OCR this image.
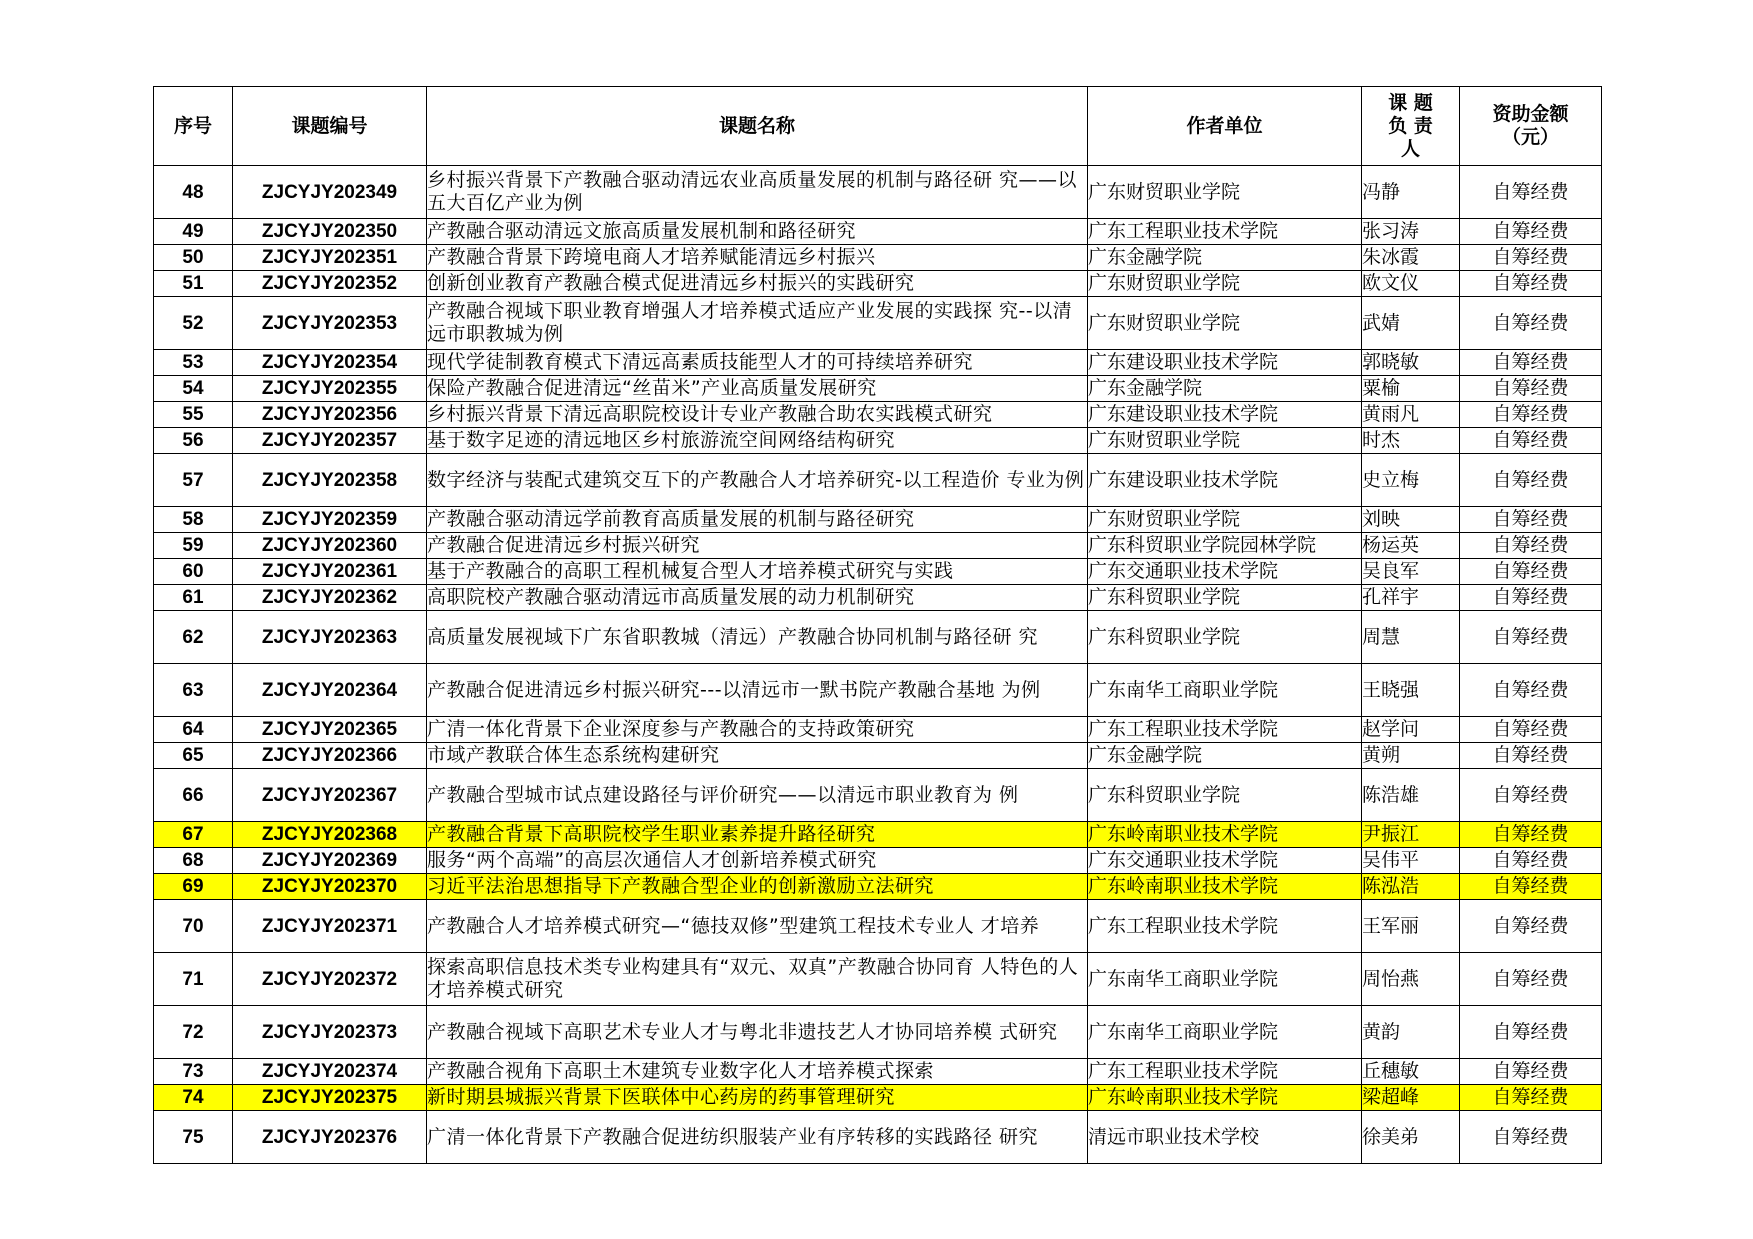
序号	课题编号	课题名称	作者单位	课 题 负 责 人	资助金额（元）
48	ZJCYJY202349	乡村振兴背景下产教融合驱动清远农业高质量发展的机制与路径研 究——以五大百亿产业为例	广东财贸职业学院	冯静	自筹经费
49	ZJCYJY202350	产教融合驱动清远文旅高质量发展机制和路径研究	广东工程职业技术学院	张习涛	自筹经费
50	ZJCYJY202351	产教融合背景下跨境电商人才培养赋能清远乡村振兴	广东金融学院	朱冰霞	自筹经费
51	ZJCYJY202352	创新创业教育产教融合模式促进清远乡村振兴的实践研究	广东财贸职业学院	欧文仪	自筹经费
52	ZJCYJY202353	产教融合视域下职业教育增强人才培养模式适应产业发展的实践探 究--以清远市职教城为例	广东财贸职业学院	武婧	自筹经费
53	ZJCYJY202354	现代学徒制教育模式下清远高素质技能型人才的可持续培养研究	广东建设职业技术学院	郭晓敏	自筹经费
54	ZJCYJY202355	保险产教融合促进清远“丝苗米”产业高质量发展研究	广东金融学院	粟榆	自筹经费
55	ZJCYJY202356	乡村振兴背景下清远高职院校设计专业产教融合助农实践模式研究	广东建设职业技术学院	黄雨凡	自筹经费
56	ZJCYJY202357	基于数字足迹的清远地区乡村旅游流空间网络结构研究	广东财贸职业学院	时杰	自筹经费
57	ZJCYJY202358	数字经济与装配式建筑交互下的产教融合人才培养研究-以工程造价 专业为例	广东建设职业技术学院	史立梅	自筹经费
58	ZJCYJY202359	产教融合驱动清远学前教育高质量发展的机制与路径研究	广东财贸职业学院	刘映	自筹经费
59	ZJCYJY202360	产教融合促进清远乡村振兴研究	广东科贸职业学院园林学院	杨运英	自筹经费
60	ZJCYJY202361	基于产教融合的高职工程机械复合型人才培养模式研究与实践	广东交通职业技术学院	吴良军	自筹经费
61	ZJCYJY202362	高职院校产教融合驱动清远市高质量发展的动力机制研究	广东科贸职业学院	孔祥宇	自筹经费
62	ZJCYJY202363	高质量发展视域下广东省职教城（清远）产教融合协同机制与路径研 究	广东科贸职业学院	周慧	自筹经费
63	ZJCYJY202364	产教融合促进清远乡村振兴研究---以清远市一默书院产教融合基地 为例	广东南华工商职业学院	王晓强	自筹经费
64	ZJCYJY202365	广清一体化背景下企业深度参与产教融合的支持政策研究	广东工程职业技术学院	赵学问	自筹经费
65	ZJCYJY202366	市域产教联合体生态系统构建研究	广东金融学院	黄朔	自筹经费
66	ZJCYJY202367	产教融合型城市试点建设路径与评价研究——以清远市职业教育为 例	广东科贸职业学院	陈浩雄	自筹经费
67	ZJCYJY202368	产教融合背景下高职院校学生职业素养提升路径研究	广东岭南职业技术学院	尹振江	自筹经费
68	ZJCYJY202369	服务“两个高端”的高层次通信人才创新培养模式研究	广东交通职业技术学院	吴伟平	自筹经费
69	ZJCYJY202370	习近平法治思想指导下产教融合型企业的创新激励立法研究	广东岭南职业技术学院	陈泓浩	自筹经费
70	ZJCYJY202371	产教融合人才培养模式研究—“德技双修”型建筑工程技术专业人 才培养	广东工程职业技术学院	王军丽	自筹经费
71	ZJCYJY202372	探索高职信息技术类专业构建具有“双元、双真”产教融合协同育 人特色的人才培养模式研究	广东南华工商职业学院	周怡燕	自筹经费
72	ZJCYJY202373	产教融合视域下高职艺术专业人才与粤北非遗技艺人才协同培养模 式研究	广东南华工商职业学院	黄韵	自筹经费
73	ZJCYJY202374	产教融合视角下高职土木建筑专业数字化人才培养模式探索	广东工程职业技术学院	丘穗敏	自筹经费
74	ZJCYJY202375	新时期县城振兴背景下医联体中心药房的药事管理研究	广东岭南职业技术学院	梁超峰	自筹经费
75	ZJCYJY202376	广清一体化背景下产教融合促进纺织服装产业有序转移的实践路径 研究	清远市职业技术学校	徐美弟	自筹经费
